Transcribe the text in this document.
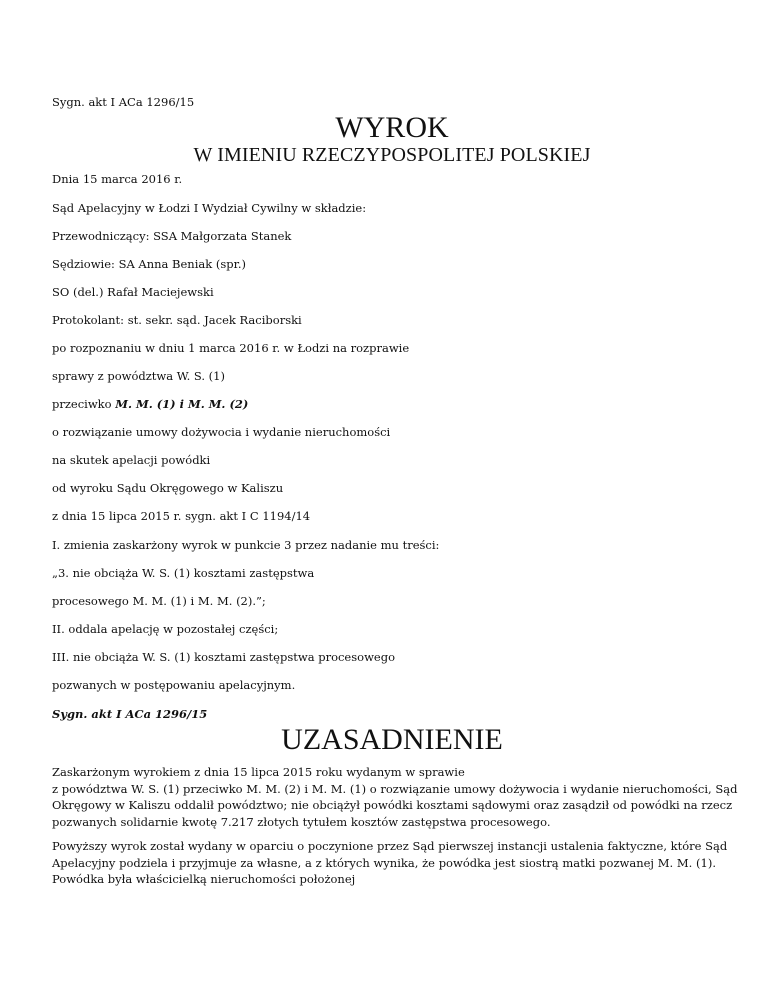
Sygn. akt I ACa 1296/15
WYROK
W IMIENIU RZECZYPOSPOLITEJ POLSKIEJ
Dnia 15 marca 2016 r.
Sąd Apelacyjny w Łodzi I Wydział Cywilny w składzie:
Przewodniczący: SSA Małgorzata Stanek
Sędziowie: SA Anna Beniak (spr.)
SO (del.) Rafał Maciejewski
Protokolant: st. sekr. sąd. Jacek Raciborski
po rozpoznaniu w dniu 1 marca 2016 r. w Łodzi na rozprawie
sprawy z powództwa W. S. (1)
przeciwko M. M. (1) i M. M. (2)
o rozwiązanie umowy dożywocia i wydanie nieruchomości
na skutek apelacji powódki
od wyroku Sądu Okręgowego w Kaliszu
z dnia 15 lipca 2015 r. sygn. akt I C 1194/14
I. zmienia zaskarżony wyrok w punkcie 3 przez nadanie mu treści:
„3. nie obciąża W. S. (1) kosztami zastępstwa
procesowego M. M. (1) i M. M. (2).”;
II. oddala apelację w pozostałej części;
III. nie obciąża W. S. (1) kosztami zastępstwa procesowego
pozwanych w postępowaniu apelacyjnym.
Sygn. akt I ACa 1296/15
UZASADNIENIE
Zaskarżonym wyrokiem z dnia 15 lipca 2015 roku wydanym w sprawie
z powództwa W. S. (1) przeciwko M. M. (2) i M. M. (1) o rozwiązanie umowy dożywocia i wydanie nieruchomości, Sąd
Okręgowy w Kaliszu oddalił powództwo; nie obciążył powódki kosztami sądowymi oraz zasądził od powódki na rzecz
pozwanych solidarnie kwotę 7.217 złotych tytułem kosztów zastępstwa procesowego.
Powyższy wyrok został wydany w oparciu o poczynione przez Sąd pierwszej instancji ustalenia faktyczne, które Sąd
Apelacyjny podziela i przyjmuje za własne, a z których wynika, że powódka jest siostrą matki pozwanej M. M. (1).
Powódka była właścicielką nieruchomości położonej
